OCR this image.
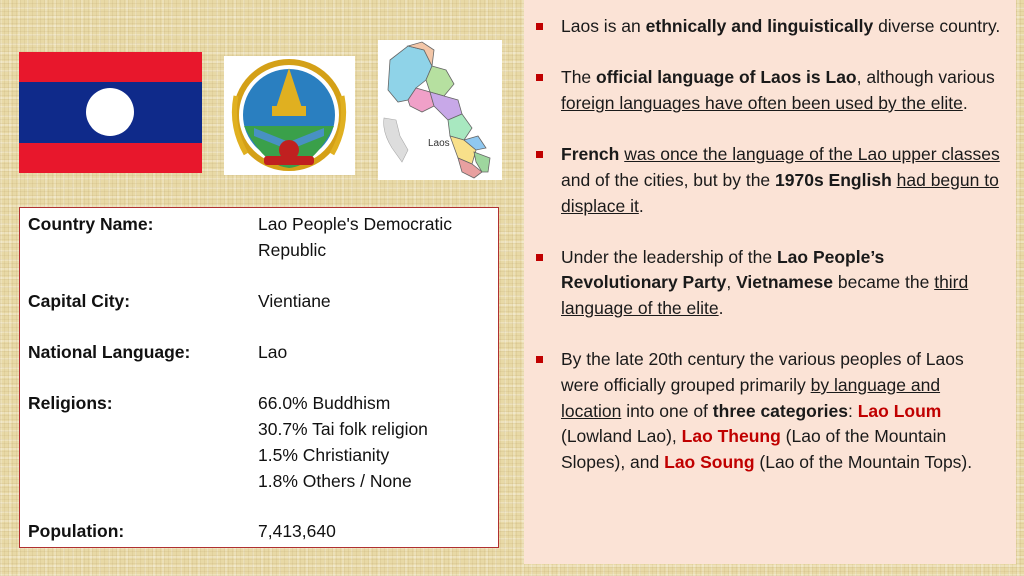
Laos
Country Name:	Lao People's Democratic
Republic
Capital City:	Vientiane
National Language:	Lao
Religions:	66.0% Buddhism
30.7% Tai folk religion
1.5% Christianity
1.8% Others / None
Population:	7,413,640
Laos is an ethnically and linguistically diverse country.
The official language of Laos is Lao, although various foreign languages have often been used by the elite.
French was once the language of the Lao upper classes and of the cities, but by the 1970s English had begun to displace it.
Under the leadership of the Lao People’s Revolutionary Party, Vietnamese became the third language of the elite.
By the late 20th century the various peoples of Laos were officially grouped primarily by language and location into one of three categories: Lao Loum (Lowland Lao), Lao Theung (Lao of the Mountain Slopes), and Lao Soung (Lao of the Mountain Tops).
